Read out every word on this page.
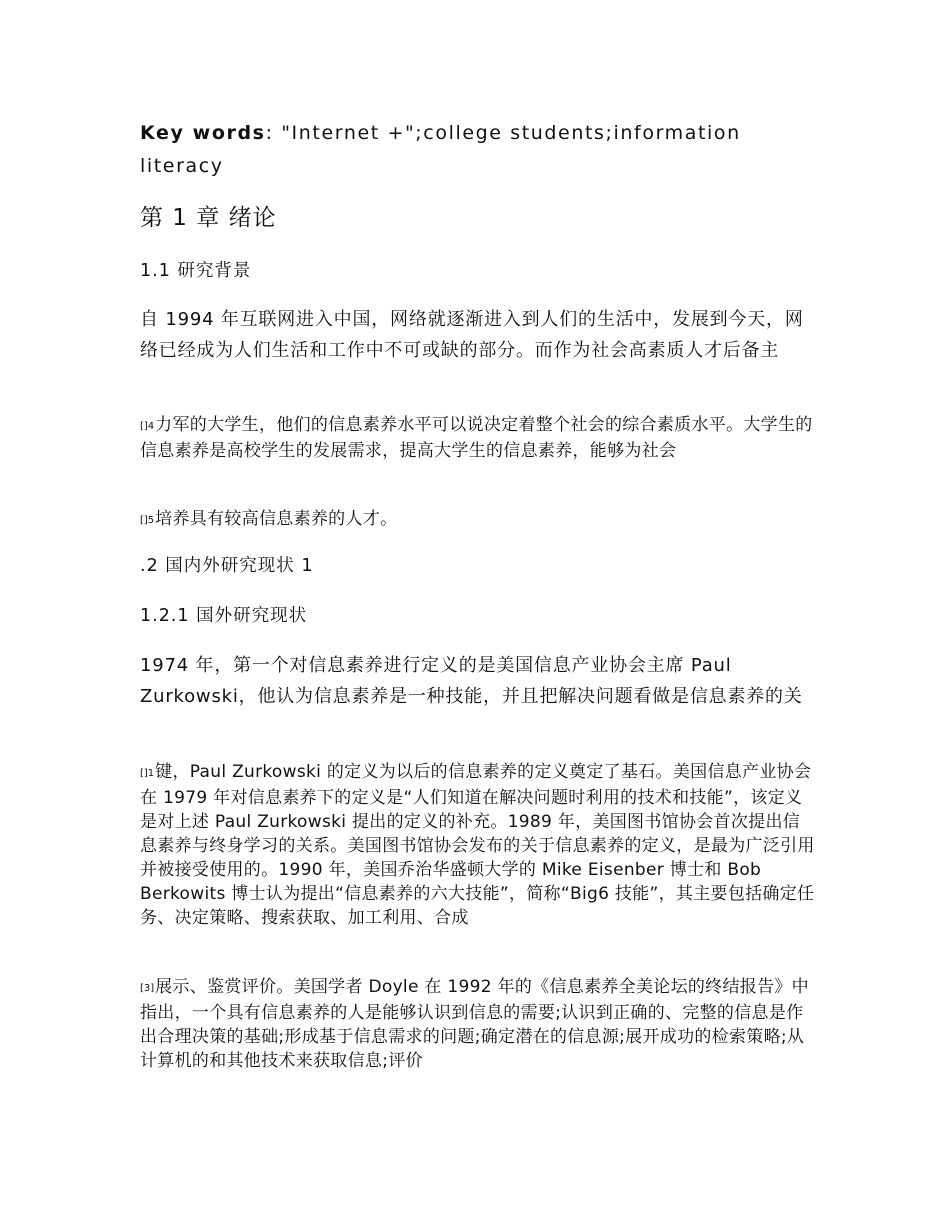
Key words: "Internet +";college students;information literacy
第 1 章 绪论
1.1 研究背景
自 1994 年互联网进入中国，网络就逐渐进入到人们的生活中，发展到今天，网络已经成为人们生活和工作中不可或缺的部分。而作为社会高素质人才后备主
[]4力军的大学生，他们的信息素养水平可以说决定着整个社会的综合素质水平。大学生的信息素养是高校学生的发展需求，提高大学生的信息素养，能够为社会
[]5培养具有较高信息素养的人才。
.2 国内外研究现状 1
1.2.1 国外研究现状
1974 年，第一个对信息素养进行定义的是美国信息产业协会主席 Paul Zurkowski，他认为信息素养是一种技能，并且把解决问题看做是信息素养的关
[]1键，Paul Zurkowski 的定义为以后的信息素养的定义奠定了基石。美国信息产业协会在 1979 年对信息素养下的定义是“人们知道在解决问题时利用的技术和技能”，该定义是对上述 Paul Zurkowski 提出的定义的补充。1989 年，美国图书馆协会首次提出信息素养与终身学习的关系。美国图书馆协会发布的关于信息素养的定义，是最为广泛引用并被接受使用的。1990 年，美国乔治华盛顿大学的 Mike Eisenber 博士和 Bob Berkowits 博士认为提出“信息素养的六大技能”，简称“Big6 技能”，其主要包括确定任务、决定策略、搜索获取、加工利用、合成
[3]展示、鉴赏评价。美国学者 Doyle 在 1992 年的《信息素养全美论坛的终结报告》中指出，一个具有信息素养的人是能够认识到信息的需要;认识到正确的、完整的信息是作出合理决策的基础;形成基于信息需求的问题;确定潜在的信息源;展开成功的检索策略;从计算机的和其他技术来获取信息;评价
